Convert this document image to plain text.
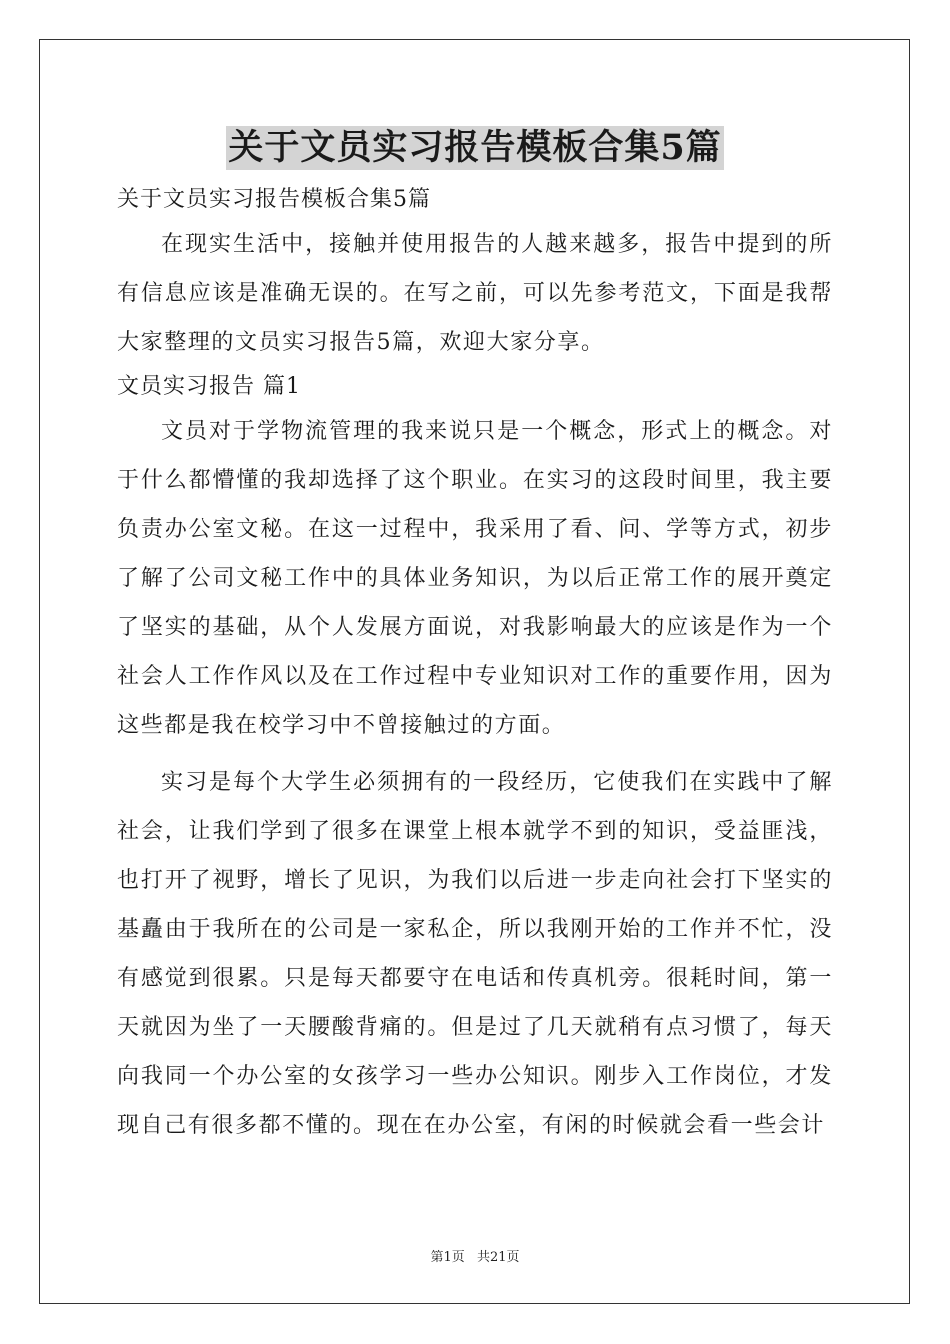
关于文员实习报告模板合集5篇
关于文员实习报告模板合集5篇

在现实生活中，接触并使用报告的人越来越多，报告中提到的所有信息应该是准确无误的。在写之前，可以先参考范文，下面是我帮大家整理的文员实习报告5篇，欢迎大家分享。

文员实习报告 篇1

文员对于学物流管理的我来说只是一个概念，形式上的概念。对于什么都懵懂的我却选择了这个职业。在实习的这段时间里，我主要负责办公室文秘。在这一过程中，我采用了看、问、学等方式，初步了解了公司文秘工作中的具体业务知识，为以后正常工作的展开奠定了坚实的基础，从个人发展方面说，对我影响最大的应该是作为一个社会人工作作风以及在工作过程中专业知识对工作的重要作用，因为这些都是我在校学习中不曾接触过的方面。

实习是每个大学生必须拥有的一段经历，它使我们在实践中了解社会，让我们学到了很多在课堂上根本就学不到的知识，受益匪浅，也打开了视野，增长了见识，为我们以后进一步走向社会打下坚实的基矗由于我所在的公司是一家私企，所以我刚开始的工作并不忙，没有感觉到很累。只是每天都要守在电话和传真机旁。很耗时间，第一天就因为坐了一天腰酸背痛的。但是过了几天就稍有点习惯了，每天向我同一个办公室的女孩学习一些办公知识。刚步入工作岗位，才发现自己有很多都不懂的。现在在办公室，有闲的时候就会看一些会计

第1页 共21页
